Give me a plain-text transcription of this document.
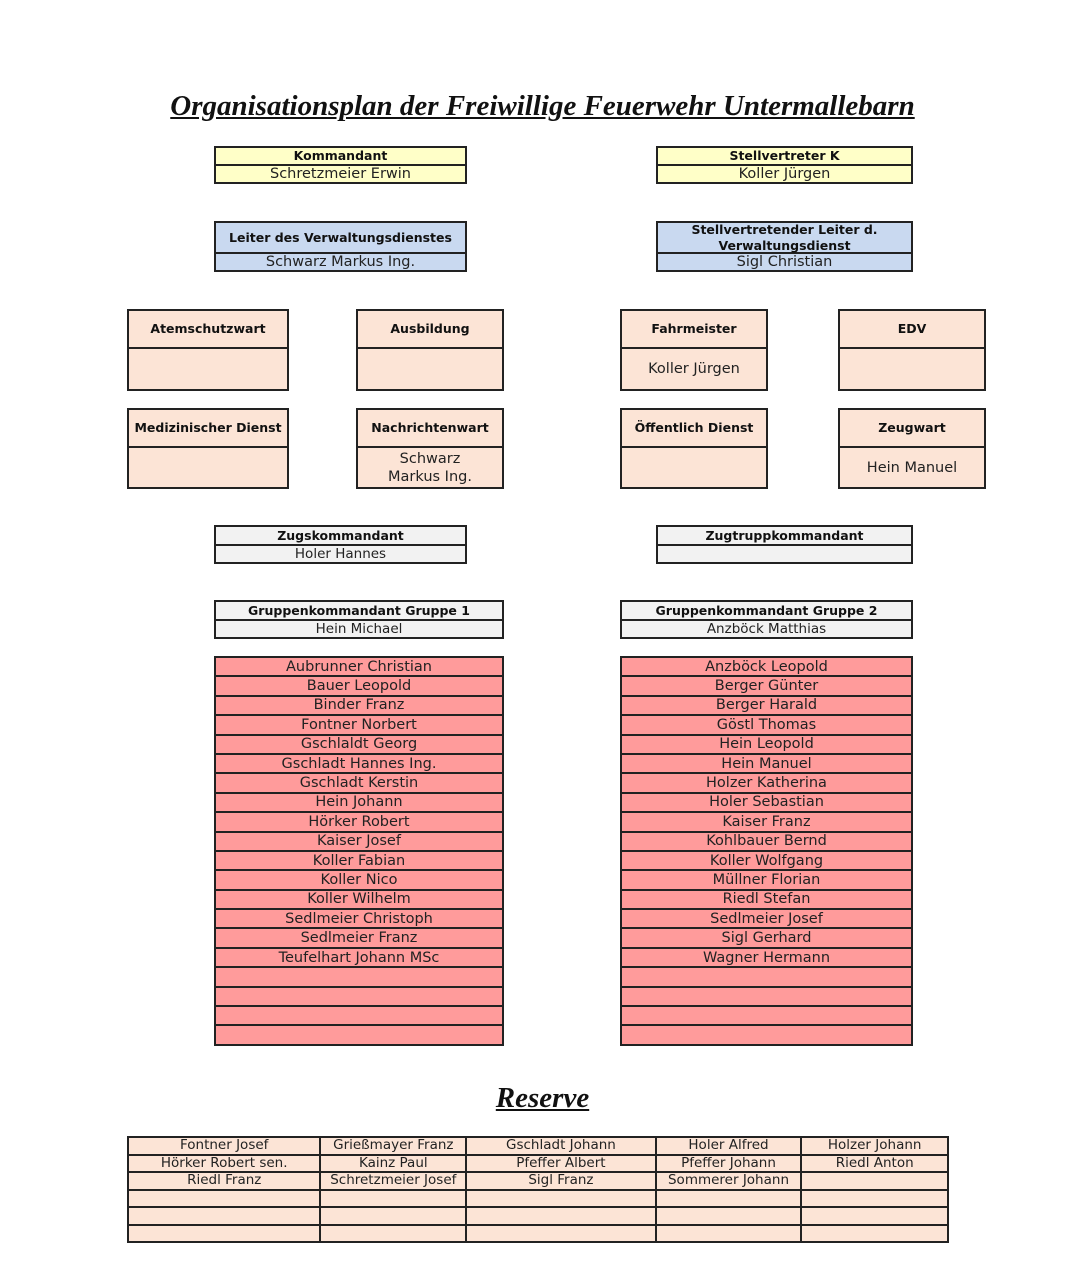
Organisationsplan der Freiwillige Feuerwehr Untermallebarn
Kommandant
Schretzmeier Erwin
Stellvertreter K
Koller Jürgen
Leiter des Verwaltungsdienstes
Schwarz Markus Ing.
Stellvertretender Leiter d. Verwaltungsdienst
Sigl Christian
Atemschutzwart	Ausbildung	Fahrmeister
Koller Jürgen
EDV
Medizinischer Dienst	Nachrichtenwart
Schwarz Markus Ing.
Öffentlich Dienst	Zeugwart
Hein Manuel
Zugskommandant
Holer Hannes
Zugtruppkommandant
Gruppenkommandant Gruppe 1
Hein Michael
Gruppenkommandant Gruppe 2
Anzböck Matthias
Aubrunner Christian
Bauer Leopold
Binder Franz
Fontner Norbert
Gschlaldt Georg
Gschladt Hannes Ing.
Gschladt Kerstin
Hein Johann
Hörker Robert
Kaiser Josef
Koller Fabian
Koller Nico
Koller Wilhelm
Sedlmeier Christoph
Sedlmeier Franz
Teufelhart Johann MSc
Anzböck Leopold
Berger Günter
Berger Harald
Göstl Thomas
Hein Leopold
Hein Manuel
Holzer Katherina
Holer Sebastian
Kaiser Franz
Kohlbauer Bernd
Koller Wolfgang
Müllner Florian
Riedl Stefan
Sedlmeier Josef
Sigl Gerhard
Wagner Hermann
Reserve
Fontner Josef	Grießmayer Franz	Gschladt Johann	Holer Alfred	Holzer Johann
Hörker Robert sen.	Kainz Paul	Pfeffer Albert	Pfeffer Johann	Riedl Anton
Riedl Franz	Schretzmeier Josef	Sigl Franz	Sommerer Johann	
